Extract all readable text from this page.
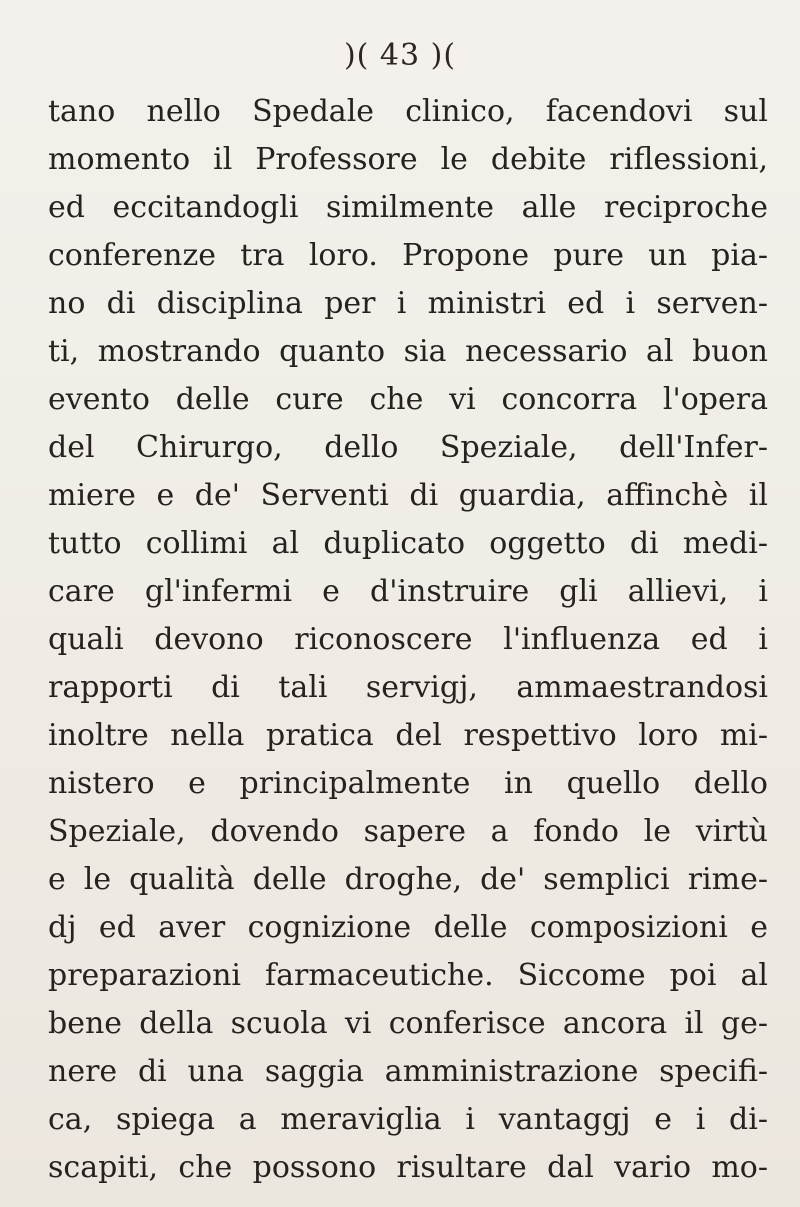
)( 43 )(
tano nello Spedale clinico, facendovi sul
momento il Professore le debite riflessioni,
ed eccitandogli similmente alle reciproche
conferenze tra loro. Propone pure un pia-
no di disciplina per i ministri ed i serven-
ti, mostrando quanto sia necessario al buon
evento delle cure che vi concorra l'opera
del Chirurgo, dello Speziale, dell'Infer-
miere e de' Serventi di guardia, affinchè il
tutto collimi al duplicato oggetto di medi-
care gl'infermi e d'instruire gli allievi, i
quali devono riconoscere l'influenza ed i
rapporti di tali servigj, ammaestrandosi
inoltre nella pratica del respettivo loro mi-
nistero e principalmente in quello dello
Speziale, dovendo sapere a fondo le virtù
e le qualità delle droghe, de' semplici rime-
dj ed aver cognizione delle composizioni e
preparazioni farmaceutiche. Siccome poi al
bene della scuola vi conferisce ancora il ge-
nere di una saggia amministrazione specifi-
ca, spiega a meraviglia i vantaggj e i di-
scapiti, che possono risultare dal vario mo-
